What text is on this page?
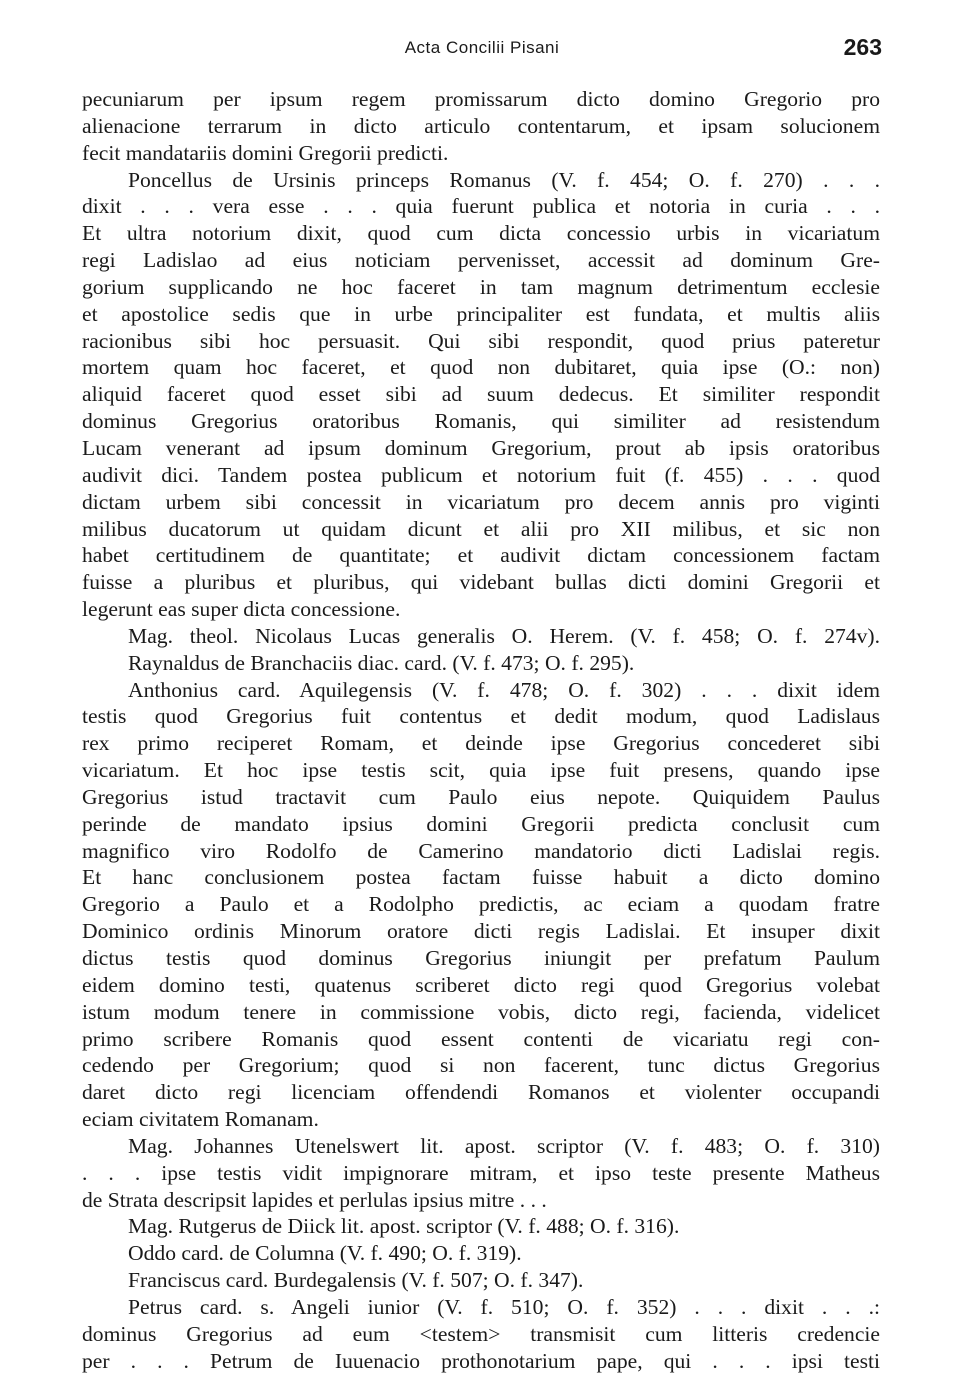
Acta Concilii Pisani	263
pecuniarum per ipsum regem promissarum dicto domino Gregorio pro
alienacione terrarum in dicto articulo contentarum, et ipsam solucionem
fecit mandatariis domini Gregorii predicti.
Poncellus de Ursinis princeps Romanus (V. f. 454; O. f. 270) . . .
dixit . . . vera esse . . . quia fuerunt publica et notoria in curia . . .
Et ultra notorium dixit, quod cum dicta concessio urbis in vicariatum
regi Ladislao ad eius noticiam pervenisset, accessit ad dominum Gre-
gorium supplicando ne hoc faceret in tam magnum detrimentum ecclesie
et apostolice sedis que in urbe principaliter est fundata, et multis aliis
racionibus sibi hoc persuasit. Qui sibi respondit, quod prius pateretur
mortem quam hoc faceret, et quod non dubitaret, quia ipse (O.: non)
aliquid faceret quod esset sibi ad suum dedecus. Et similiter respondit
dominus Gregorius oratoribus Romanis, qui similiter ad resistendum
Lucam venerant ad ipsum dominum Gregorium, prout ab ipsis oratoribus
audivit dici. Tandem postea publicum et notorium fuit (f. 455) . . . quod
dictam urbem sibi concessit in vicariatum pro decem annis pro viginti
milibus ducatorum ut quidam dicunt et alii pro XII milibus, et sic non
habet certitudinem de quantitate; et audivit dictam concessionem factam
fuisse a pluribus et pluribus, qui videbant bullas dicti domini Gregorii et
legerunt eas super dicta concessione.
Mag. theol. Nicolaus Lucas generalis O. Herem. (V. f. 458; O. f. 274v).
Raynaldus de Branchaciis diac. card. (V. f. 473; O. f. 295).
Anthonius card. Aquilegensis (V. f. 478; O. f. 302) . . . dixit idem
testis quod Gregorius fuit contentus et dedit modum, quod Ladislaus
rex primo reciperet Romam, et deinde ipse Gregorius concederet sibi
vicariatum. Et hoc ipse testis scit, quia ipse fuit presens, quando ipse
Gregorius istud tractavit cum Paulo eius nepote. Quiquidem Paulus
perinde de mandato ipsius domini Gregorii predicta conclusit cum
magnifico viro Rodolfo de Camerino mandatorio dicti Ladislai regis.
Et hanc conclusionem postea factam fuisse habuit a dicto domino
Gregorio a Paulo et a Rodolpho predictis, ac eciam a quodam fratre
Dominico ordinis Minorum oratore dicti regis Ladislai. Et insuper dixit
dictus testis quod dominus Gregorius iniungit per prefatum Paulum
eidem domino testi, quatenus scriberet dicto regi quod Gregorius volebat
istum modum tenere in commissione vobis, dicto regi, facienda, videlicet
primo scribere Romanis quod essent contenti de vicariatu regi con-
cedendo per Gregorium; quod si non facerent, tunc dictus Gregorius
daret dicto regi licenciam offendendi Romanos et violenter occupandi
eciam civitatem Romanam.
Mag. Johannes Utenelswert lit. apost. scriptor (V. f. 483; O. f. 310)
. . . ipse testis vidit impignorare mitram, et ipso teste presente Matheus
de Strata descripsit lapides et perlulas ipsius mitre . . .
Mag. Rutgerus de Diick lit. apost. scriptor (V. f. 488; O. f. 316).
Oddo card. de Columna (V. f. 490; O. f. 319).
Franciscus card. Burdegalensis (V. f. 507; O. f. 347).
Petrus card. s. Angeli iunior (V. f. 510; O. f. 352) . . . dixit . . .:
dominus Gregorius ad eum <testem> transmisit cum litteris credencie
per . . . Petrum de Iuuenacio prothonotarium pape, qui . . . ipsi testi
